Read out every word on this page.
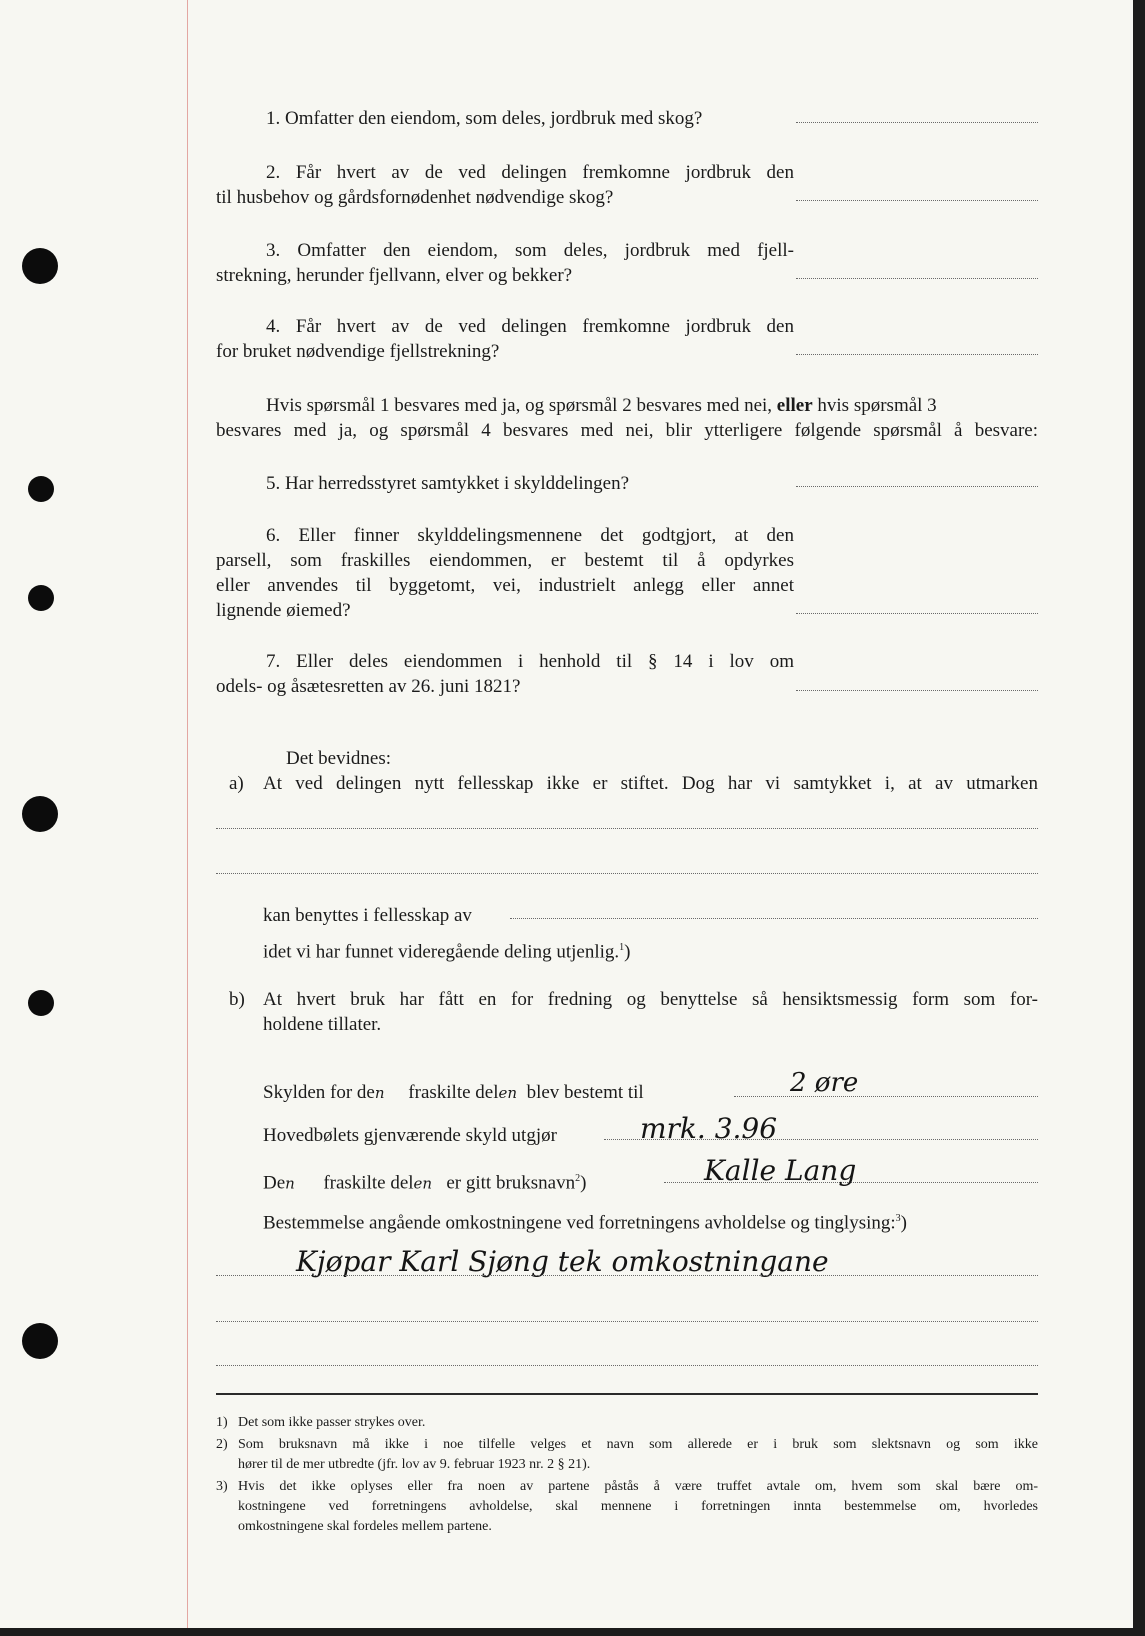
1. Omfatter den eiendom, som deles, jordbruk med skog?
2. Får hvert av de ved delingen fremkomne jordbruk den
til husbehov og gårdsfornødenhet nødvendige skog?
3. Omfatter den eiendom, som deles, jordbruk med fjell-
strekning, herunder fjellvann, elver og bekker?
4. Får hvert av de ved delingen fremkomne jordbruk den
for bruket nødvendige fjellstrekning?
Hvis spørsmål 1 besvares med ja, og spørsmål 2 besvares med nei, eller hvis spørsmål 3
besvares med ja, og spørsmål 4 besvares med nei, blir ytterligere følgende spørsmål å besvare:
5. Har herredsstyret samtykket i skylddelingen?
6. Eller finner skylddelingsmennene det godtgjort, at den
parsell, som fraskilles eiendommen, er bestemt til å opdyrkes
eller anvendes til byggetomt, vei, industrielt anlegg eller annet
lignende øiemed?
7. Eller deles eiendommen i henhold til § 14 i lov om
odels- og åsætesretten av 26. juni 1821?
Det bevidnes:
a) At ved delingen nytt fellesskap ikke er stiftet. Dog har vi samtykket i, at av utmarken
kan benyttes i fellesskap av
idet vi har funnet videregående deling utjenlig.$^1$)
b) At hvert bruk har fått en for fredning og benyttelse så hensiktsmessig form som for-
holdene tillater.
Skylden for den fraskilte delen blev bestemt til	2 øre
Hovedbølets gjenværende skyld utgjør	mrk. 3.96
Den fraskilte delen er gitt bruksnavn$^2$)	Kalle Lang
Bestemmelse angående omkostningene ved forretningens avholdelse og tinglysing:$^3$)
Kjøpar Karl Sjøng tek omkostningane
1) Det som ikke passer strykes over.
2) Som bruksnavn må ikke i noe tilfelle velges et navn som allerede er i bruk som slektsnavn og som ikke
hører til de mer utbredte (jfr. lov av 9. februar 1923 nr. 2 § 21).
3) Hvis det ikke oplyses eller fra noen av partene påstås å være truffet avtale om, hvem som skal bære om-
kostningene ved forretningens avholdelse, skal mennene i forretningen innta bestemmelse om, hvorledes
omkostningene skal fordeles mellem partene.
